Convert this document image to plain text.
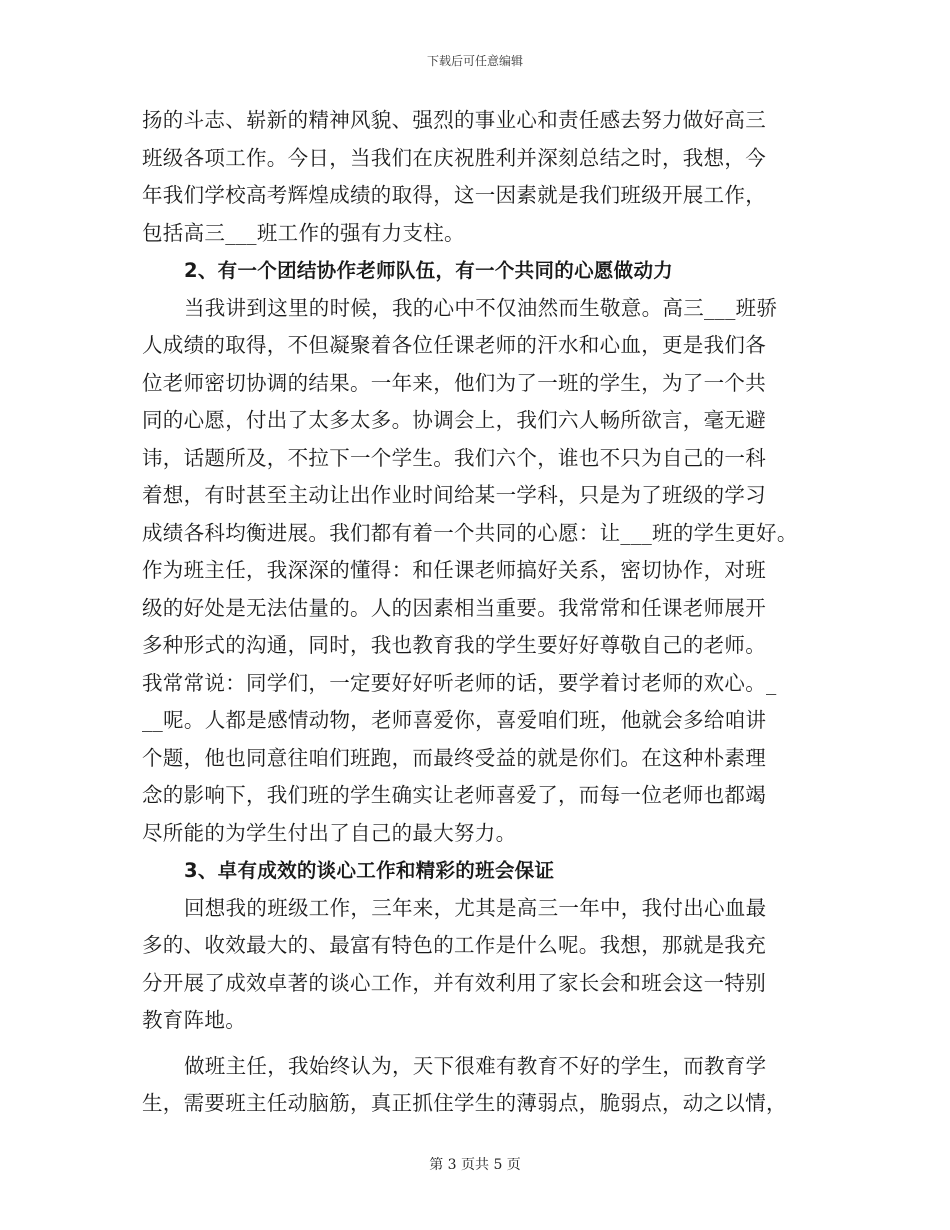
下载后可任意编辑
扬的斗志、崭新的精神风貌、强烈的事业心和责任感去努力做好高三
班级各项工作。今日，当我们在庆祝胜利并深刻总结之时，我想，今
年我们学校高考辉煌成绩的取得，这一因素就是我们班级开展工作，
包括高三___班工作的强有力支柱。
2、有一个团结协作老师队伍，有一个共同的心愿做动力
当我讲到这里的时候，我的心中不仅油然而生敬意。高三___班骄
人成绩的取得，不但凝聚着各位任课老师的汗水和心血，更是我们各
位老师密切协调的结果。一年来，他们为了一班的学生，为了一个共
同的心愿，付出了太多太多。协调会上，我们六人畅所欲言，毫无避
讳，话题所及，不拉下一个学生。我们六个，谁也不只为自己的一科
着想，有时甚至主动让出作业时间给某一学科，只是为了班级的学习
成绩各科均衡进展。我们都有着一个共同的心愿：让___班的学生更好。
作为班主任，我深深的懂得：和任课老师搞好关系，密切协作，对班
级的好处是无法估量的。人的因素相当重要。我常常和任课老师展开
多种形式的沟通，同时，我也教育我的学生要好好尊敬自己的老师。
我常常说：同学们，一定要好好听老师的话，要学着讨老师的欢心。_
__呢。人都是感情动物，老师喜爱你，喜爱咱们班，他就会多给咱讲
个题，他也同意往咱们班跑，而最终受益的就是你们。在这种朴素理
念的影响下，我们班的学生确实让老师喜爱了，而每一位老师也都竭
尽所能的为学生付出了自己的最大努力。
3、卓有成效的谈心工作和精彩的班会保证
回想我的班级工作，三年来，尤其是高三一年中，我付出心血最
多的、收效最大的、最富有特色的工作是什么呢。我想，那就是我充
分开展了成效卓著的谈心工作，并有效利用了家长会和班会这一特别
教育阵地。
做班主任，我始终认为，天下很难有教育不好的学生，而教育学
生，需要班主任动脑筋，真正抓住学生的薄弱点，脆弱点，动之以情，
第 3 页共 5 页
